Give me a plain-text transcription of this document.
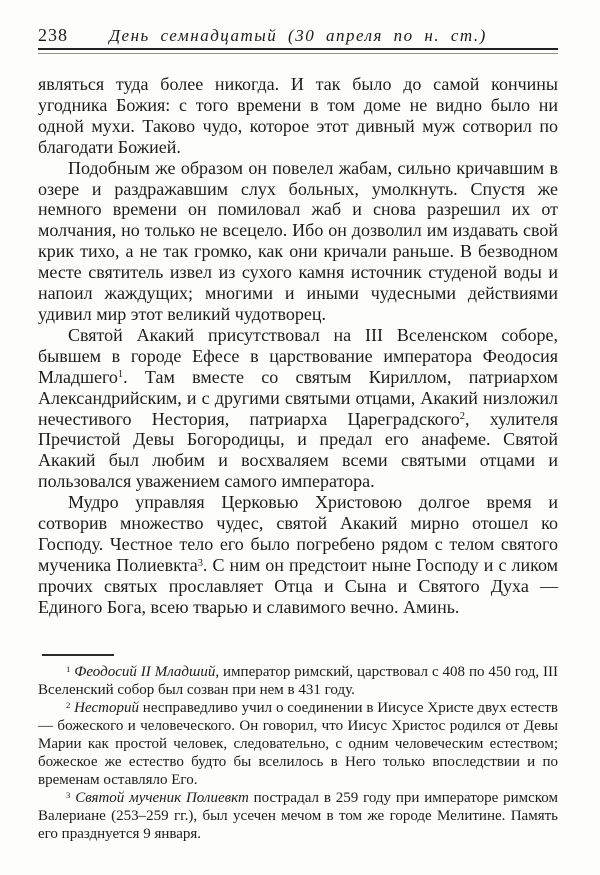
238 День семнадцатый (30 апреля по н. ст.)

являться туда более никогда. И так было до самой кончины угодника Божия: с того времени в том доме не видно было ни одной мухи. Таково чудо, которое этот дивный муж сотворил по благодати Божией.

Подобным же образом он повелел жабам, сильно кричавшим в озере и раздражавшим слух больных, умолкнуть. Спустя же немного времени он помиловал жаб и снова разрешил их от молчания, но только не всецело. Ибо он дозволил им издавать свой крик тихо, а не так громко, как они кричали раньше. В безводном месте святитель извел из сухого камня источник студеной воды и напоил жаждущих; многими и иными чудесными действиями удивил мир этот великий чудотворец.

Святой Акакий присутствовал на III Вселенском соборе, бывшем в городе Ефесе в царствование императора Феодосия Младшего$^1$. Там вместе со святым Кириллом, патриархом Александрийским, и с другими святыми отцами, Акакий низложил нечестивого Нестория, патриарха Цареградского$^2$, хулителя Пречистой Девы Богородицы, и предал его анафеме. Святой Акакий был любим и восхваляем всеми святыми отцами и пользовался уважением самого императора.

Мудро управляя Церковью Христовою долгое время и сотворив множество чудес, святой Акакий мирно отошел ко Господу. Честное тело его было погребено рядом с телом святого мученика Полиевкта$^3$. С ним он предстоит ныне Господу и с ликом прочих святых прославляет Отца и Сына и Святого Духа — Единого Бога, всею тварью и славимого вечно. Аминь.

$^1$ Феодосий II Младший, император римский, царствовал с 408 по 450 год, III Вселенский собор был созван при нем в 431 году.

$^2$ Несторий несправедливо учил о соединении в Иисусе Христе двух естеств — божеского и человеческого. Он говорил, что Иисус Христос родился от Девы Марии как простой человек, следовательно, с одним человеческим естеством; божеское же естество будто бы вселилось в Него только впоследствии и по временам оставляло Его.

$^3$ Святой мученик Полиевкт пострадал в 259 году при императоре римском Валериане (253–259 гг.), был усечен мечом в том же городе Мелитине. Память его празднуется 9 января.
